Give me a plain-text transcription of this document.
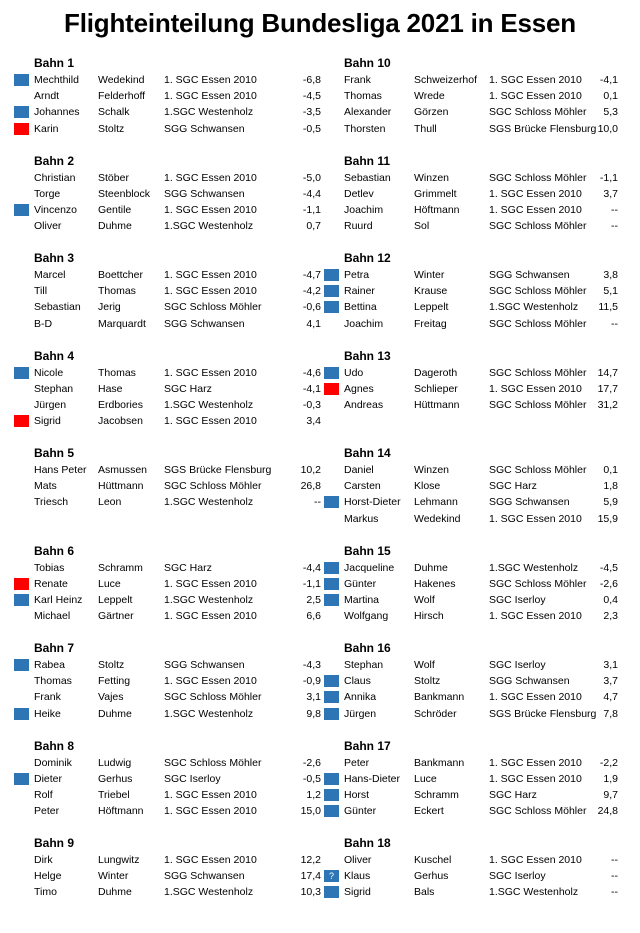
Flighteinteilung Bundesliga 2021 in Essen
Bahn 1
Mechthild	Wedekind	1. SGC Essen 2010	-6,8
Arndt	Felderhoff	1. SGC Essen 2010	-4,5
Johannes	Schalk	1.SGC Westenholz	-3,5
Karin	Stoltz	SGG Schwansen	-0,5
Bahn 2
Christian	Stöber	1. SGC Essen 2010	-5,0
Torge	Steenblock	SGG Schwansen	-4,4
Vincenzo	Gentile	1. SGC Essen 2010	-1,1
Oliver	Duhme	1.SGC Westenholz	0,7
Bahn 3
Marcel	Boettcher	1. SGC Essen 2010	-4,7
Till	Thomas	1. SGC Essen 2010	-4,2
Sebastian	Jerig	SGC Schloss Möhler	-0,6
B-D	Marquardt	SGG Schwansen	4,1
Bahn 4
Nicole	Thomas	1. SGC Essen 2010	-4,6
Stephan	Hase	SGC Harz	-4,1
Jürgen	Erdbories	1.SGC Westenholz	-0,3
Sigrid	Jacobsen	1. SGC Essen 2010	3,4
Bahn 5
Hans Peter	Asmussen	SGS Brücke Flensburg	10,2
Mats	Hüttmann	SGC Schloss Möhler	26,8
Triesch	Leon	1.SGC Westenholz	--
Bahn 6
Tobias	Schramm	SGC Harz	-4,4
Renate	Luce	1. SGC Essen 2010	-1,1
Karl Heinz	Leppelt	1.SGC Westenholz	2,5
Michael	Gärtner	1. SGC Essen 2010	6,6
Bahn 7
Rabea	Stoltz	SGG Schwansen	-4,3
Thomas	Fetting	1. SGC Essen 2010	-0,9
Frank	Vajes	SGC Schloss Möhler	3,1
Heike	Duhme	1.SGC Westenholz	9,8
Bahn 8
Dominik	Ludwig	SGC Schloss Möhler	-2,6
Dieter	Gerhus	SGC Iserloy	-0,5
Rolf	Triebel	1. SGC Essen 2010	1,2
Peter	Höftmann	1. SGC Essen 2010	15,0
Bahn 9
Dirk	Lungwitz	1. SGC Essen 2010	12,2
Helge	Winter	SGG Schwansen	17,4
Timo	Duhme	1.SGC Westenholz	10,3
Bahn 10
Frank	Schweizerhof	1. SGC Essen 2010	-4,1
Thomas	Wrede	1. SGC Essen 2010	0,1
Alexander	Görzen	SGC Schloss Möhler	5,3
Thorsten	Thull	SGS Brücke Flensburg 10,0
Bahn 11
Sebastian	Winzen	SGC Schloss Möhler	-1,1
Detlev	Grimmelt	1. SGC Essen 2010	3,7
Joachim	Höftmann	1. SGC Essen 2010	--
Ruurd	Sol	SGC Schloss Möhler	--
Bahn 12
Petra	Winter	SGG Schwansen	3,8
Rainer	Krause	SGC Schloss Möhler	5,1
Bettina	Leppelt	1.SGC Westenholz	11,5
Joachim	Freitag	SGC Schloss Möhler	--
Bahn 13
Udo	Dageroth	SGC Schloss Möhler	14,7
Agnes	Schlieper	1. SGC Essen 2010	17,7
Andreas	Hüttmann	SGC Schloss Möhler	31,2
Bahn 14
Daniel	Winzen	SGC Schloss Möhler	0,1
Carsten	Klose	SGC Harz	1,8
Horst-Dieter	Lehmann	SGG Schwansen	5,9
Markus	Wedekind	1. SGC Essen 2010	15,9
Bahn 15
Jacqueline	Duhme	1.SGC Westenholz	-4,5
Günter	Hakenes	SGC Schloss Möhler	-2,6
Martina	Wolf	SGC Iserloy	0,4
Wolfgang	Hirsch	1. SGC Essen 2010	2,3
Bahn 16
Stephan	Wolf	SGC Iserloy	3,1
Claus	Stoltz	SGG Schwansen	3,7
Annika	Bankmann	1. SGC Essen 2010	4,7
Jürgen	Schröder	SGS Brücke Flensburg 7,8
Bahn 17
Peter	Bankmann	1. SGC Essen 2010	-2,2
Hans-Dieter	Luce	1. SGC Essen 2010	1,9
Horst	Schramm	SGC Harz	9,7
Günter	Eckert	SGC Schloss Möhler	24,8
Bahn 18
Oliver	Kuschel	1. SGC Essen 2010	--
? Klaus	Gerhus	SGC Iserloy	--
Sigrid	Bals	1.SGC Westenholz	--
